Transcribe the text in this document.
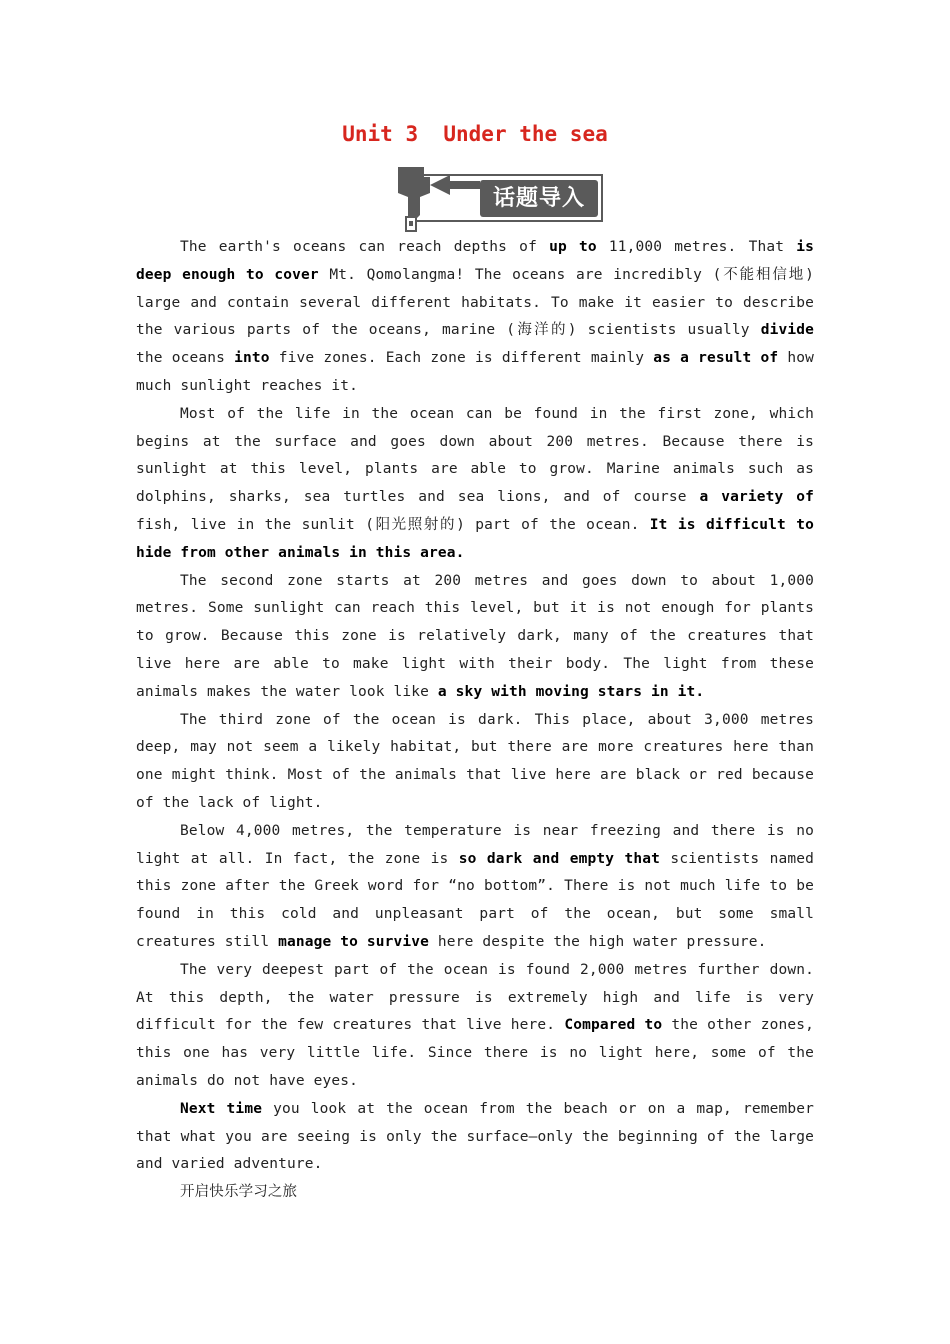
Unit 3  Under the sea
话题导入

The earth's oceans can reach depths of up to 11,000 metres. That is deep enough to cover Mt. Qomolangma! The oceans are incredibly (不能相信地) large and contain several different habitats. To make it easier to describe the various parts of the oceans, marine (海洋的) scientists usually divide the oceans into five zones. Each zone is different mainly as a result of how much sunlight reaches it.

Most of the life in the ocean can be found in the first zone, which begins at the surface and goes down about 200 metres. Because there is sunlight at this level, plants are able to grow. Marine animals such as dolphins, sharks, sea turtles and sea lions, and of course a variety of fish, live in the sunlit (阳光照射的) part of the ocean. It is difficult to hide from other animals in this area.

The second zone starts at 200 metres and goes down to about 1,000 metres. Some sunlight can reach this level, but it is not enough for plants to grow. Because this zone is relatively dark, many of the creatures that live here are able to make light with their body. The light from these animals makes the water look like a sky with moving stars in it.

The third zone of the ocean is dark. This place, about 3,000 metres deep, may not seem a likely habitat, but there are more creatures here than one might think. Most of the animals that live here are black or red because of the lack of light.

Below 4,000 metres, the temperature is near freezing and there is no light at all. In fact, the zone is so dark and empty that scientists named this zone after the Greek word for “no bottom”. There is not much life to be found in this cold and unpleasant part of the ocean, but some small creatures still manage to survive here despite the high water pressure.

The very deepest part of the ocean is found 2,000 metres further down. At this depth, the water pressure is extremely high and life is very difficult for the few creatures that live here. Compared to the other zones, this one has very little life. Since there is no light here, some of the animals do not have eyes.

Next time you look at the ocean from the beach or on a map, remember that what you are seeing is only the surface—only the beginning of the large and varied adventure.

开启快乐学习之旅
